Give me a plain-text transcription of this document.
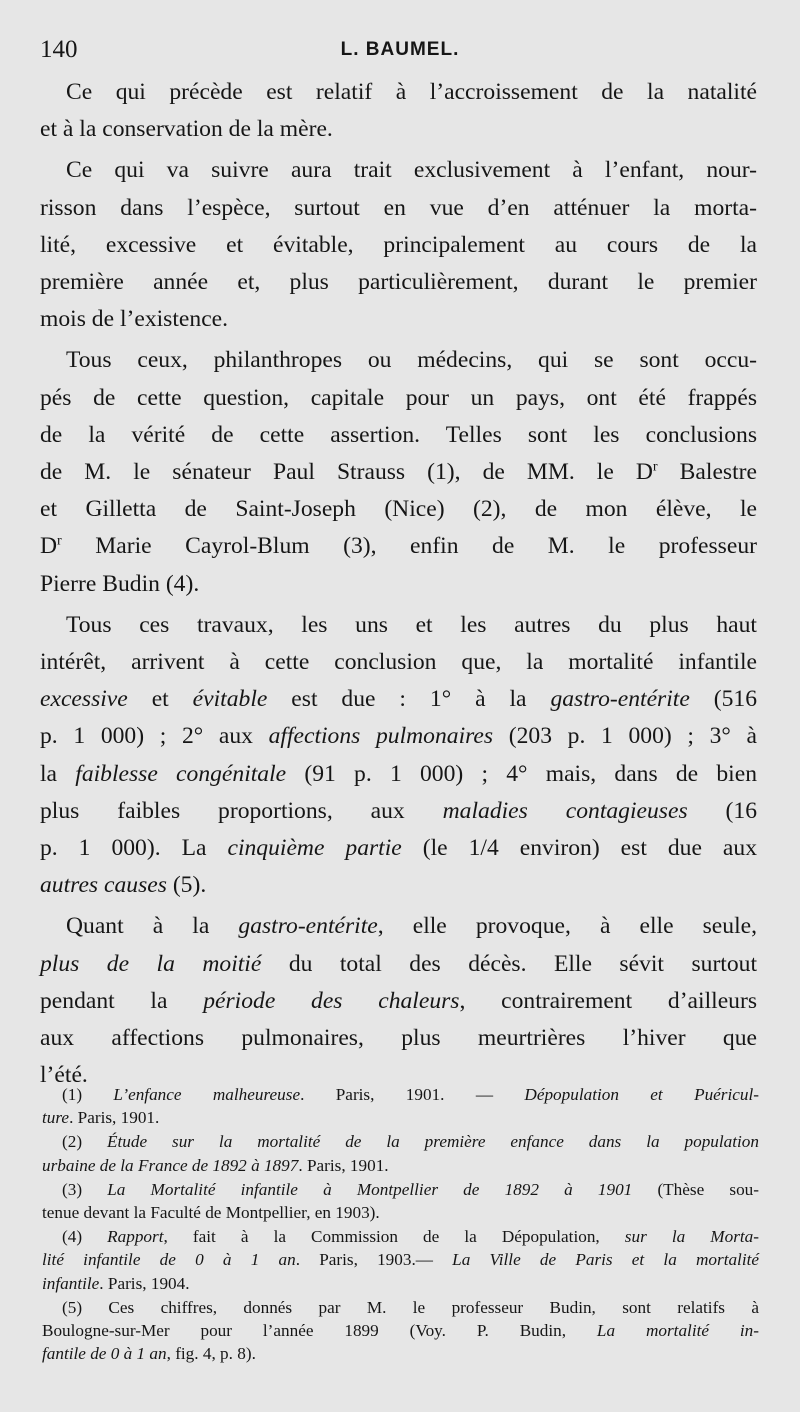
140	L. BAUMEL.

Ce qui précède est relatif à l’accroissement de la natalité
et à la conservation de la mère.

Ce qui va suivre aura trait exclusivement à l’enfant, nour-
risson dans l’espèce, surtout en vue d’en atténuer la morta-
lité, excessive et évitable, principalement au cours de la
première année et, plus particulièrement, durant le premier
mois de l’existence.

Tous ceux, philanthropes ou médecins, qui se sont occu-
pés de cette question, capitale pour un pays, ont été frappés
de la vérité de cette assertion. Telles sont les conclusions
de M. le sénateur Paul Strauss (1), de MM. le $D^r$ Balestre
et Gilletta de Saint-Joseph (Nice) (2), de mon élève, le
$D^r$ Marie Cayrol-Blum (3), enfin de M. le professeur
Pierre Budin (4).

Tous ces travaux, les uns et les autres du plus haut
intérêt, arrivent à cette conclusion que, la mortalité infantile
excessive et évitable est due : 1° à la gastro-entérite (516
p. 1 000) ; 2° aux affections pulmonaires (203 p. 1 000) ; 3° à
la faiblesse congénitale (91 p. 1 000) ; 4° mais, dans de bien
plus faibles proportions, aux maladies contagieuses (16
p. 1 000). La cinquième partie (le 1/4 environ) est due aux
autres causes (5).

Quant à la gastro-entérite, elle provoque, à elle seule,
plus de la moitié du total des décès. Elle sévit surtout
pendant la période des chaleurs, contrairement d’ailleurs
aux affections pulmonaires, plus meurtrières l’hiver que
l’été.

(1) L’enfance malheureuse. Paris, 1901. — Dépopulation et Puéricul-
ture. Paris, 1901.

(2) Étude sur la mortalité de la première enfance dans la population
urbaine de la France de 1892 à 1897. Paris, 1901.

(3) La Mortalité infantile à Montpellier de 1892 à 1901 (Thèse sou-
tenue devant la Faculté de Montpellier, en 1903).

(4) Rapport, fait à la Commission de la Dépopulation, sur la Morta-
lité infantile de 0 à 1 an. Paris, 1903.— La Ville de Paris et la mortalité
infantile. Paris, 1904.

(5) Ces chiffres, donnés par M. le professeur Budin, sont relatifs à
Boulogne-sur-Mer pour l’année 1899 (Voy. P. Budin, La mortalité in-
fantile de 0 à 1 an, fig. 4, p. 8).
